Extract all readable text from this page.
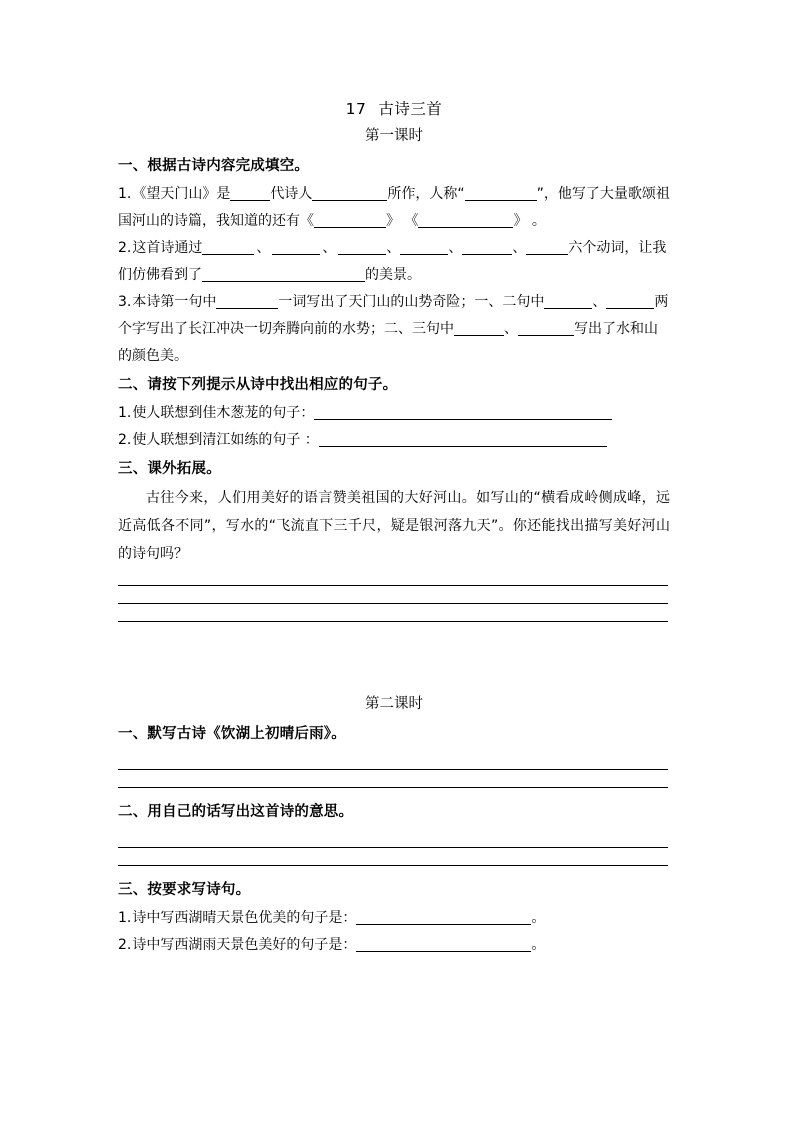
17 古诗三首
第一课时
一、根据古诗内容完成填空。
1.《望天门山》是	代诗人	所作，人称“	”，他写了大量歌颂祖国河山的诗篇，我知道的还有《	》 《	》 。
2.这首诗通过	、	、	、	、	、	六个动词，让我们仿佛看到了	的美景。
3.本诗第一句中	一词写出了天门山的山势奇险；一、二句中	、	两个字写出了长江冲决一切奔腾向前的水势；二、三句中	、	写出了水和山的颜色美。
二、请按下列提示从诗中找出相应的句子。
1.使人联想到佳木葱茏的句子：
2.使人联想到清江如练的句子 ：
三、课外拓展。
古往今来，人们用美好的语言赞美祖国的大好河山。如写山的“横看成岭侧成峰，远近高低各不同”，写水的“飞流直下三千尺，疑是银河落九天”。你还能找出描写美好河山的诗句吗？
第二课时
一、默写古诗《饮湖上初晴后雨》。
二、用自己的话写出这首诗的意思。
三、按要求写诗句。
1.诗中写西湖晴天景色优美的句子是：	。
2.诗中写西湖雨天景色美好的句子是：	。
